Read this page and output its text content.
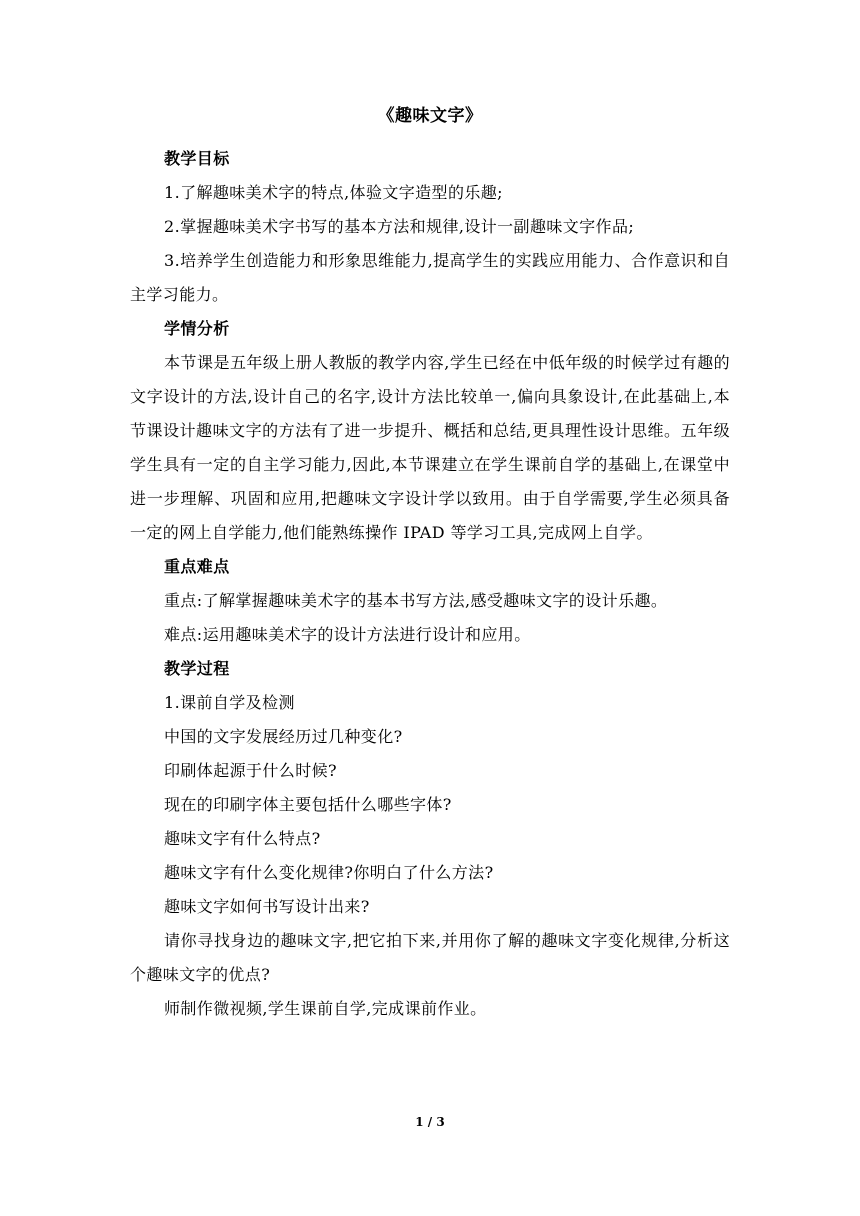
《趣味文字》

教学目标

1.了解趣味美术字的特点,体验文字造型的乐趣;

2.掌握趣味美术字书写的基本方法和规律,设计一副趣味文字作品;

3.培养学生创造能力和形象思维能力,提高学生的实践应用能力、合作意识和自主学习能力。

学情分析

本节课是五年级上册人教版的教学内容,学生已经在中低年级的时候学过有趣的文字设计的方法,设计自己的名字,设计方法比较单一,偏向具象设计,在此基础上,本节课设计趣味文字的方法有了进一步提升、概括和总结,更具理性设计思维。五年级学生具有一定的自主学习能力,因此,本节课建立在学生课前自学的基础上,在课堂中进一步理解、巩固和应用,把趣味文字设计学以致用。由于自学需要,学生必须具备一定的网上自学能力,他们能熟练操作 IPAD 等学习工具,完成网上自学。

重点难点

重点:了解掌握趣味美术字的基本书写方法,感受趣味文字的设计乐趣。

难点:运用趣味美术字的设计方法进行设计和应用。

教学过程

1.课前自学及检测

中国的文字发展经历过几种变化?

印刷体起源于什么时候?

现在的印刷字体主要包括什么哪些字体?

趣味文字有什么特点?

趣味文字有什么变化规律?你明白了什么方法?

趣味文字如何书写设计出来?

请你寻找身边的趣味文字,把它拍下来,并用你了解的趣味文字变化规律,分析这个趣味文字的优点?

师制作微视频,学生课前自学,完成课前作业。

1 / 3
